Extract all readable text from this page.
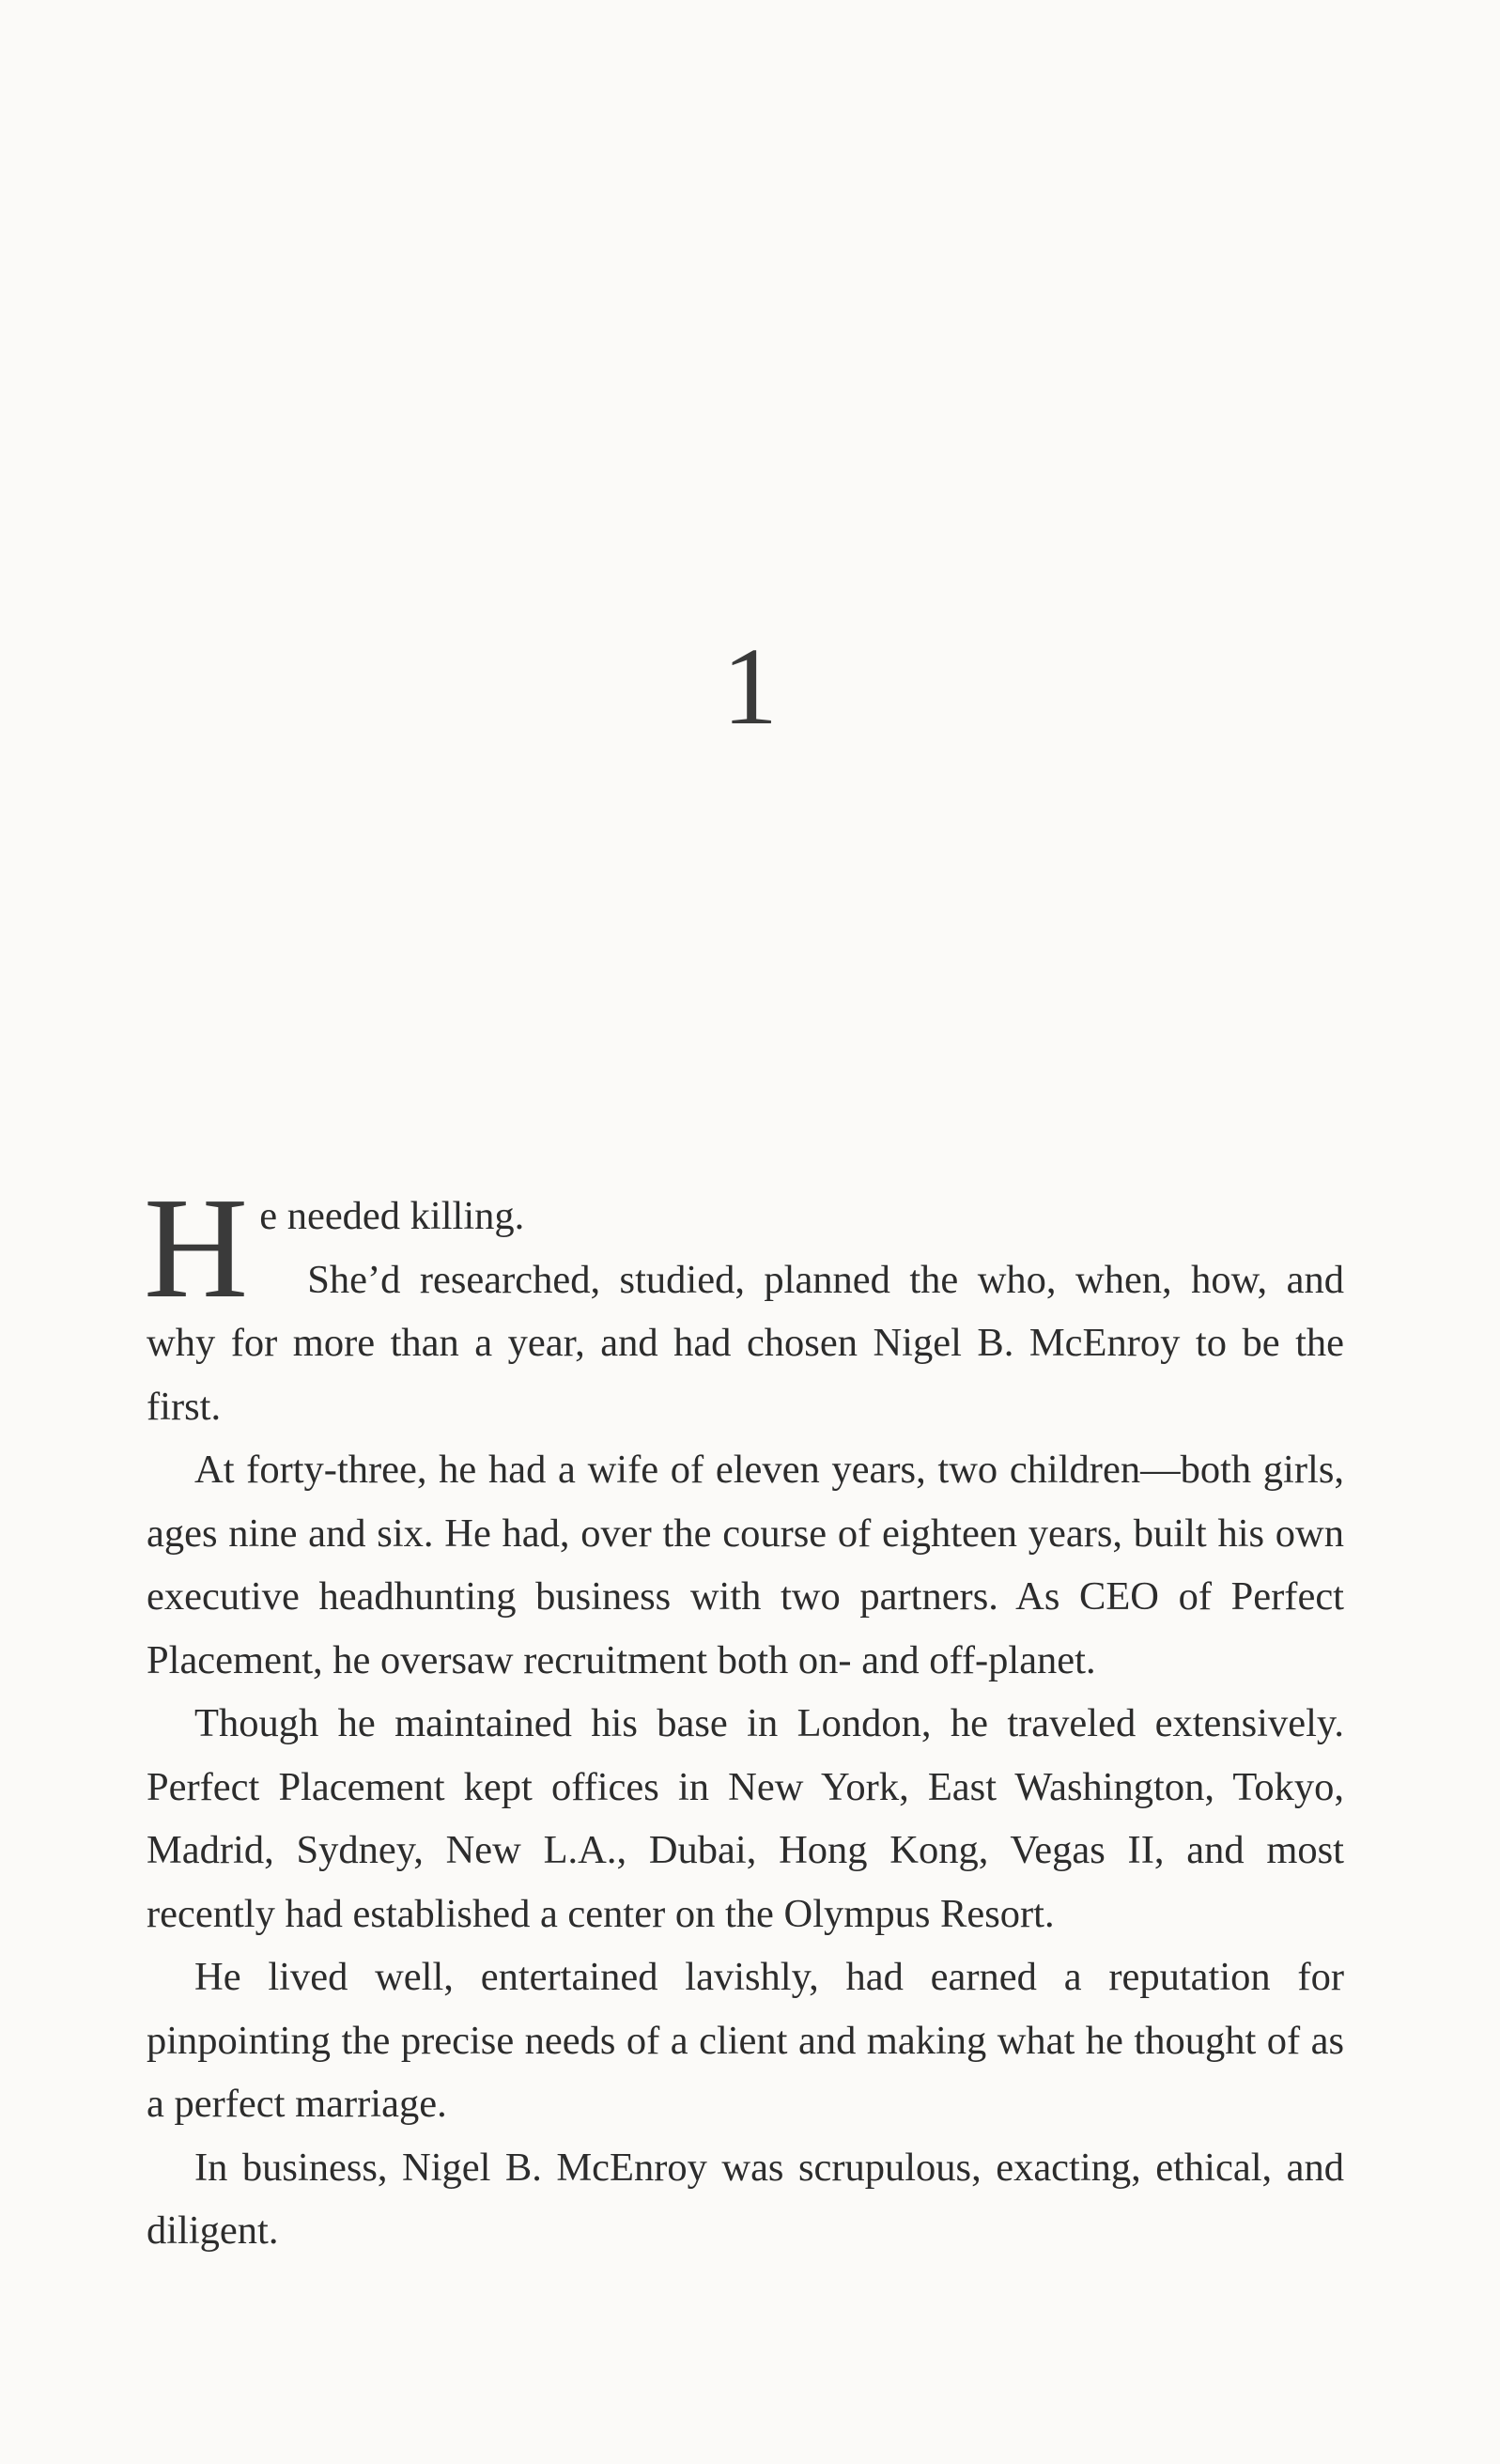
1

He needed killing.

She’d researched, studied, planned the who, when, how, and why for more than a year, and had chosen Nigel B. McEnroy to be the first.

At forty-three, he had a wife of eleven years, two children—both girls, ages nine and six. He had, over the course of eighteen years, built his own executive headhunting business with two partners. As CEO of Perfect Placement, he oversaw recruitment both on- and off-planet.

Though he maintained his base in London, he traveled extensively. Perfect Placement kept offices in New York, East Washington, Tokyo, Madrid, Sydney, New L.A., Dubai, Hong Kong, Vegas II, and most recently had established a center on the Olympus Resort.

He lived well, entertained lavishly, had earned a reputation for pinpointing the precise needs of a client and making what he thought of as a perfect marriage.

In business, Nigel B. McEnroy was scrupulous, exacting, ethical, and diligent.
